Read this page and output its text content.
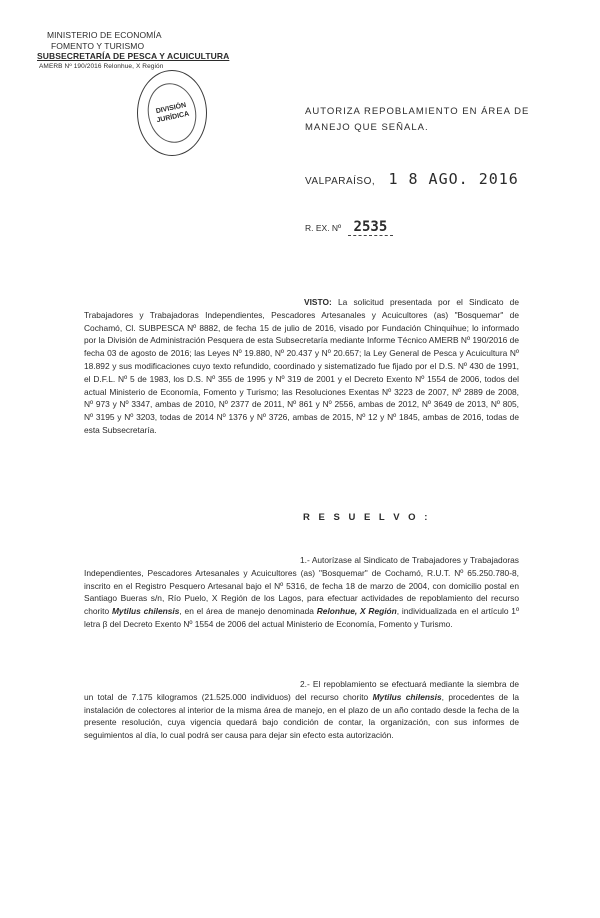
MINISTERIO DE ECONOMÍA
FOMENTO Y TURISMO
SUBSECRETARÍA DE PESCA Y ACUICULTURA
AMERB Nº 190/2016 Relonhue, X Región
DIVISIÓN JURÍDICA	AUTORIZA REPOBLAMIENTO EN ÁREA DE MANEJO QUE SEÑALA.
VALPARAÍSO, 1 8 AGO. 2016
R. EX. Nº 2535
VISTO: La solicitud presentada por el Sindicato de Trabajadores y Trabajadoras Independientes, Pescadores Artesanales y Acuicultores (as) "Bosquemar" de Cochamó, Cl. SUBPESCA Nº 8882, de fecha 15 de julio de 2016, visado por Fundación Chinquihue; lo informado por la División de Administración Pesquera de esta Subsecretaría mediante Informe Técnico AMERB Nº 190/2016 de fecha 03 de agosto de 2016; las Leyes Nº 19.880, Nº 20.437 y Nº 20.657; la Ley General de Pesca y Acuicultura Nº 18.892 y sus modificaciones cuyo texto refundido, coordinado y sistematizado fue fijado por el D.S. Nº 430 de 1991, el D.F.L. Nº 5 de 1983, los D.S. Nº 355 de 1995 y Nº 319 de 2001 y el Decreto Exento Nº 1554 de 2006, todos del actual Ministerio de Economía, Fomento y Turismo; las Resoluciones Exentas Nº 3223 de 2007, Nº 2889 de 2008, Nº 973 y Nº 3347, ambas de 2010, Nº 2377 de 2011, Nº 861 y Nº 2556, ambas de 2012, Nº 3649 de 2013, Nº 805, Nº 3195 y Nº 3203, todas de 2014 Nº 1376 y Nº 3726, ambas de 2015, Nº 12 y Nº 1845, ambas de 2016, todas de esta Subsecretaría.
R E S U E L V O :
1.- Autorízase al Sindicato de Trabajadores y Trabajadoras Independientes, Pescadores Artesanales y Acuicultores (as) "Bosquemar" de Cochamó, R.U.T. Nº 65.250.780-8, inscrito en el Registro Pesquero Artesanal bajo el Nº 5316, de fecha 18 de marzo de 2004, con domicilio postal en Santiago Bueras s/n, Río Puelo, X Región de los Lagos, para efectuar actividades de repoblamiento del recurso chorito Mytilus chilensis, en el área de manejo denominada Relonhue, X Región, individualizada en el artículo 1º letra β del Decreto Exento Nº 1554 de 2006 del actual Ministerio de Economía, Fomento y Turismo.
2.- El repoblamiento se efectuará mediante la siembra de un total de 7.175 kilogramos (21.525.000 individuos) del recurso chorito Mytilus chilensis, procedentes de la instalación de colectores al interior de la misma área de manejo, en el plazo de un año contado desde la fecha de la presente resolución, cuya vigencia quedará bajo condición de contar, la organización, con sus informes de seguimientos al día, lo cual podrá ser causa para dejar sin efecto esta autorización.
